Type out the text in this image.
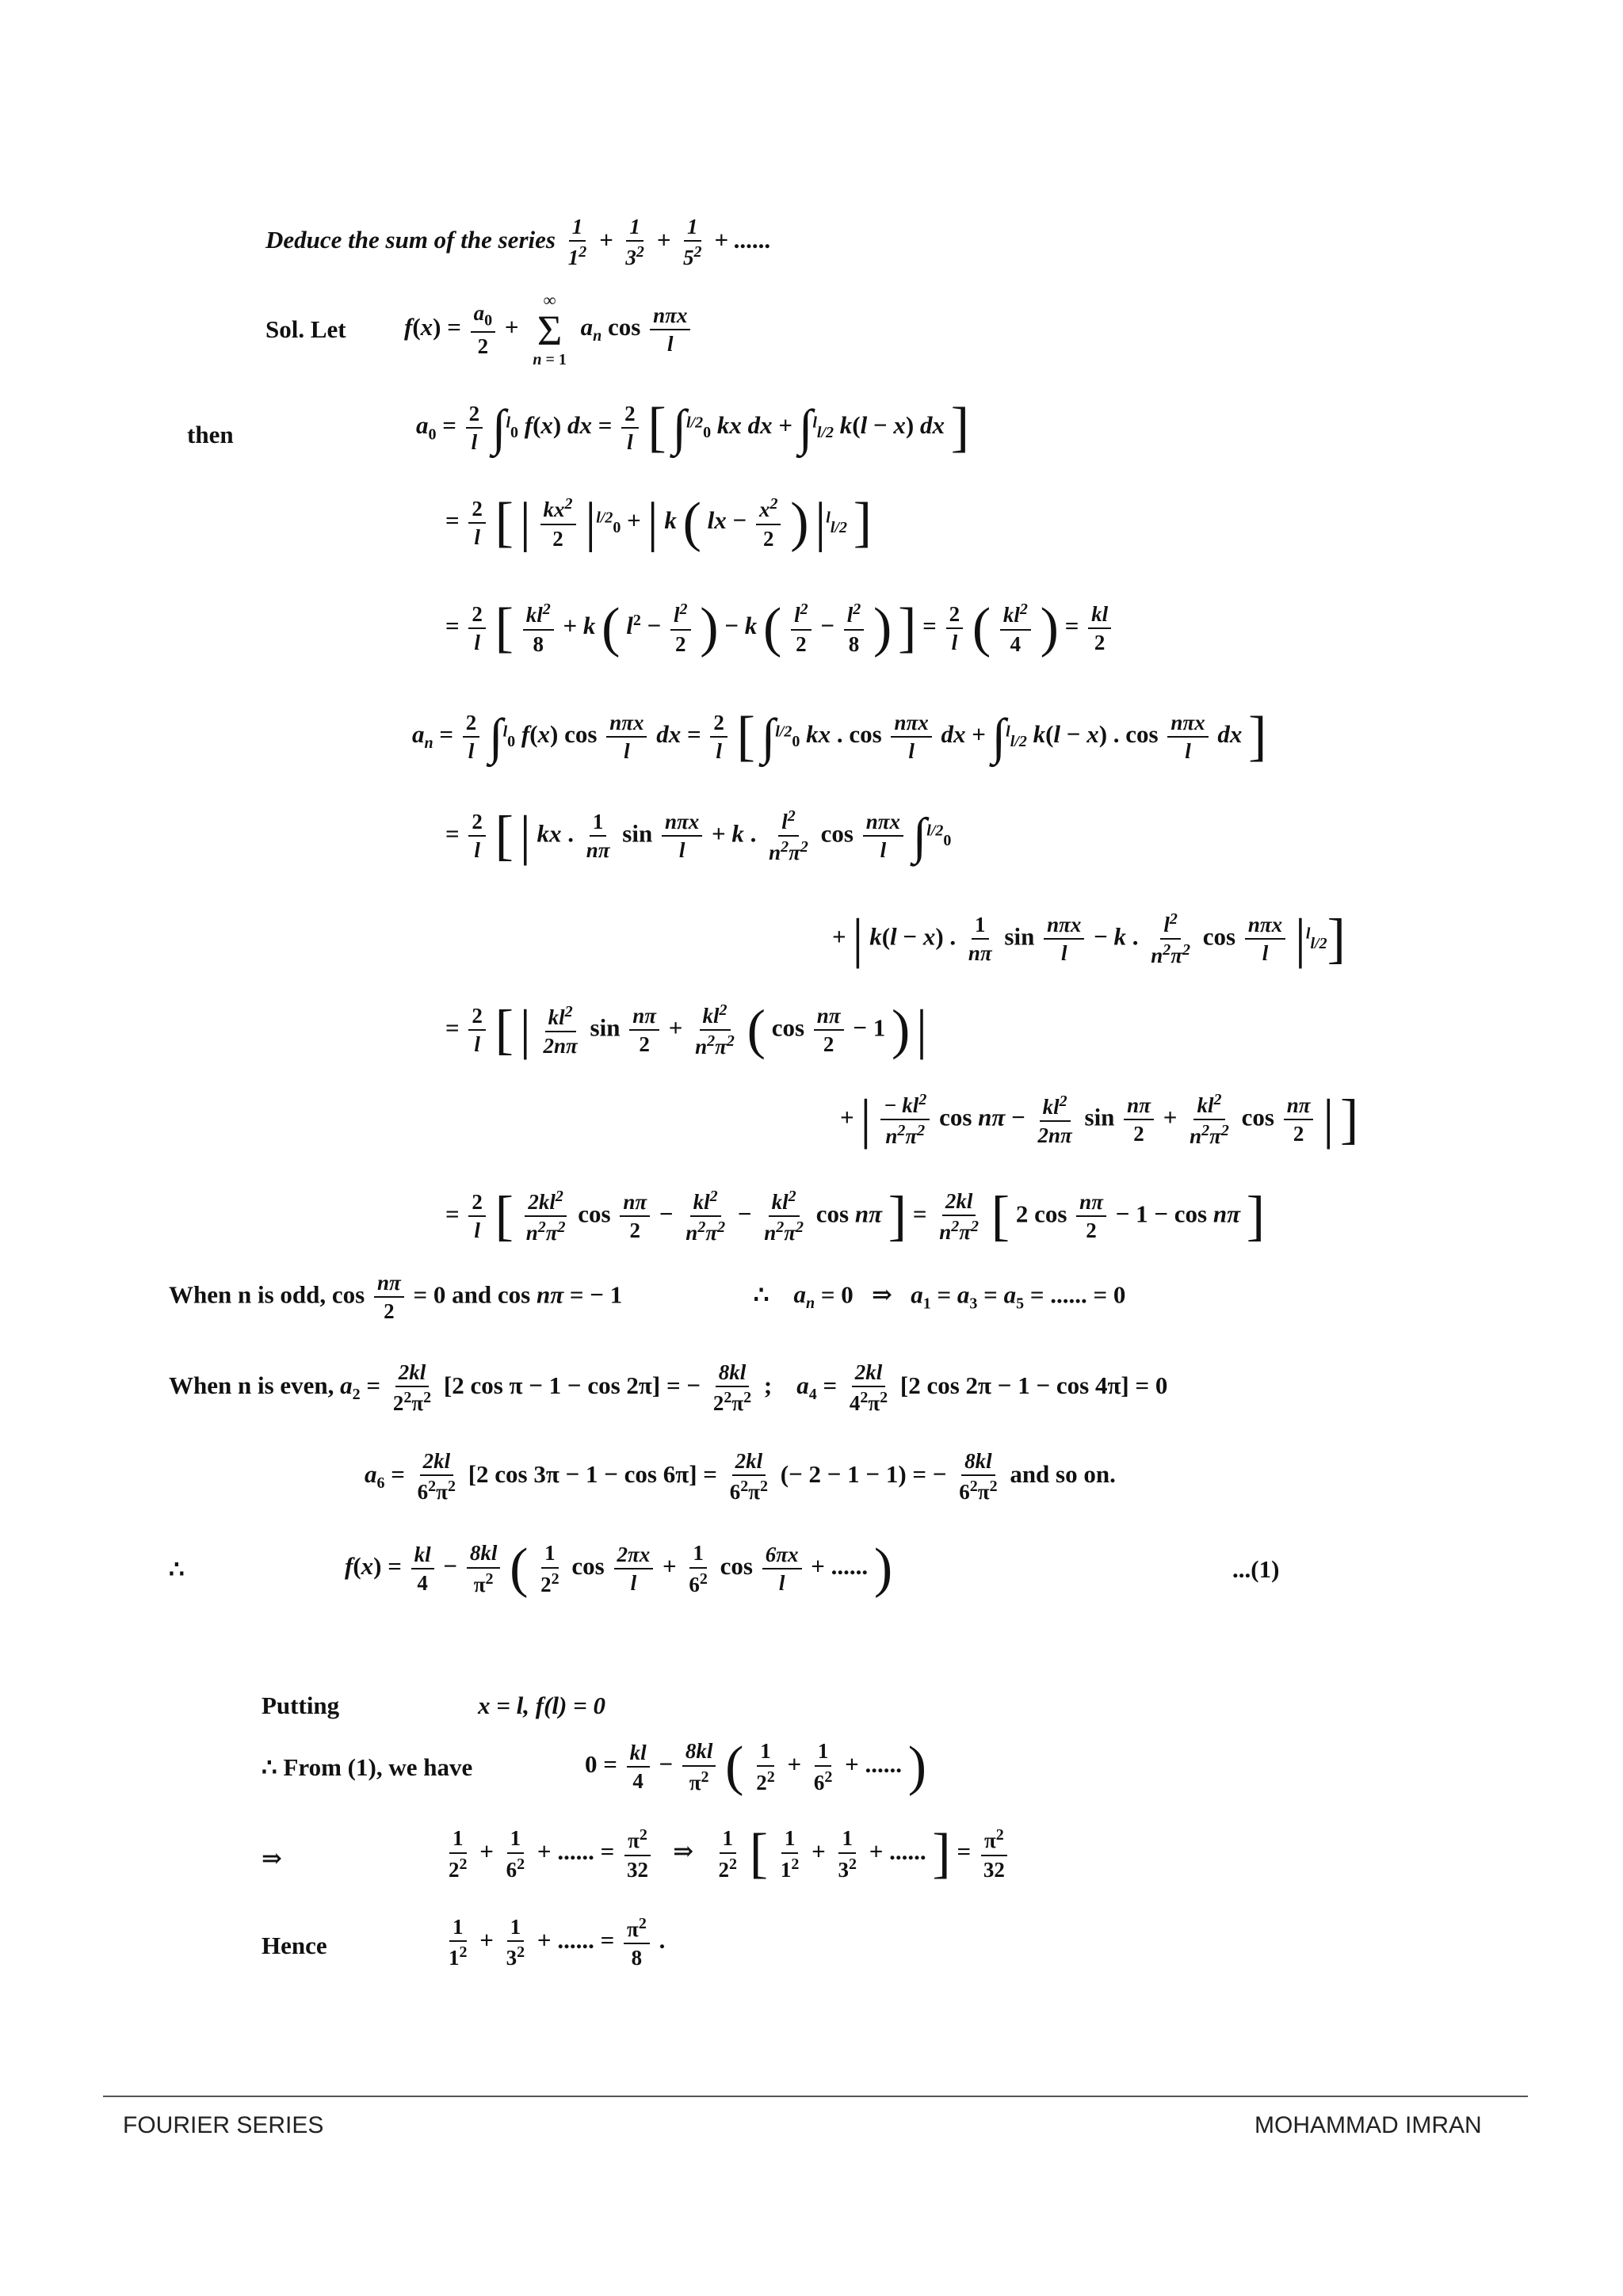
Deduce the sum of the series $\frac{1}{1^2} + \frac{1}{3^2} + \frac{1}{5^2}$ + ......
Sol. Let $f(x) = \frac{a_0}{2}$ +
∞
Σ
n = 1
$a_n$ $\cos \frac{\text{nπx}}{l}$
then	$a_0 = \frac{2}{l} \int^l_0$ f(x) dx = $\frac{2}{l}$ [ ∫$^{l/2}_0$ kx dx + ∫$^l_{l/2}$ k(l − x) dx ]
= $\frac{2}{l}$ [ | $\frac{kx^2}{2} |^{l/2}_0$ + | k ( lx − $\frac{x^2}{2}$ ) $|^l_{l/2}$ ]
= $\frac{2}{l}$ [ $\frac{kl^2}{8} + k$ ( $l^2 - \frac{l^2}{2}$ ) − k ( $\frac{l^2}{2} - \frac{l^2}{8}$ ) ] = $\frac{2}{l}$ ( $\frac{kl^2}{4}$ ) = $\frac{kl}{2}$
$a_n = \frac{2}{l} \int^l_0$ f(x) $\cos \frac{\text{nπx}}{l}$ dx = $\frac{2}{l}$ [ ∫$^{l/2}_0$ kx . $\cos \frac{\text{nπx}}{l}$ dx + ∫$^l_{l/2}$ k(l − x) . $\cos \frac{\text{nπx}}{l}$ dx ]
= $\frac{2}{l}$ [ | kx . $\frac{1}{n\pi}$ $\sin \frac{\text{nπx}}{l} + k$ . $\frac{l^2}{n^2\pi^2}$ $\cos \frac{\text{nπx}}{l} \int^{l/2}_0$
+ | k(l − x) . $\frac{1}{n\pi}$ $\sin \frac{\text{nπx}}{l} - k$ . $\frac{l^2}{n^2\pi^2}$ $\cos \frac{\text{nπx}}{l} |^l_{l/2}$]
= $\frac{2}{l}$ [ | $\frac{kl^2}{2n\pi}$ $\sin \frac{n\pi}{2} + \frac{kl^2}{n^2\pi^2}$ ( $\cos \frac{n\pi}{2} - 1$ ) |
+ | $\frac{- kl^2}{n^2\pi^2}$ $\cos n\pi - \frac{kl^2}{2n\pi}$ $\sin \frac{n\pi}{2} + \frac{kl^2}{n^2\pi^2}$ $\cos \frac{n\pi}{2}$ | ]
= $\frac{2}{l}$ [ $\frac{2kl^2}{n^2\pi^2}$ $\cos \frac{n\pi}{2} - \frac{kl^2}{n^2\pi^2} - \frac{kl^2}{n^2\pi^2}$ cos nπ ] = $\frac{2kl}{n^2\pi^2}$ [ 2 $\cos \frac{n\pi}{2} - 1 - \cos n\pi$ ]
When n is odd, $\cos \frac{n\pi}{2} = 0$ and cos nπ = − 1	∴    $a_n = 0$   ⇒   $a_1 = a_3 = a_5$ = ...... = 0
When n is even, $a_2 = \frac{2kl}{2^2\pi^2} [2$ cos π − 1 − cos 2π] = − $\frac{8kl}{2^2\pi^2}$ ;    $a_4 = \frac{2kl}{4^2\pi^2} [2$ cos 2π − 1 − cos 4π] = 0
$a_6 = \frac{2kl}{6^2\pi^2} [2$ $\cos 3\pi - 1 - \cos 6\pi] = \frac{2kl}{6^2\pi^2}$ (− 2 − 1 − 1) = − $\frac{8kl}{6^2\pi^2}$ and so on.
∴	$f(x) = \frac{kl}{4} - \frac{8kl}{\pi^2}$ ( $\frac{1}{2^2}$ $\cos \frac{2\pi x}{l} + \frac{1}{6^2}$ $\cos \frac{6\pi x}{l}$ + ...... )	...(1)
Putting	x = l, f(l) = 0
∴ From (1), we have	$0 = \frac{kl}{4} - \frac{8kl}{\pi^2}$ ( $\frac{1}{2^2} + \frac{1}{6^2}$ + ...... )
⇒	$\frac{1}{2^2} + \frac{1}{6^2}$ + ...... = $\frac{\pi^2}{32}$ ⇒ $\frac{1}{2^2}$ [ $\frac{1}{1^2} + \frac{1}{3^2}$ + ...... ] = $\frac{\pi^2}{32}$
Hence	$\frac{1}{1^2} + \frac{1}{3^2}$ + ...... = $\frac{\pi^2}{8}$ .
FOURIER SERIES	MOHAMMAD IMRAN
